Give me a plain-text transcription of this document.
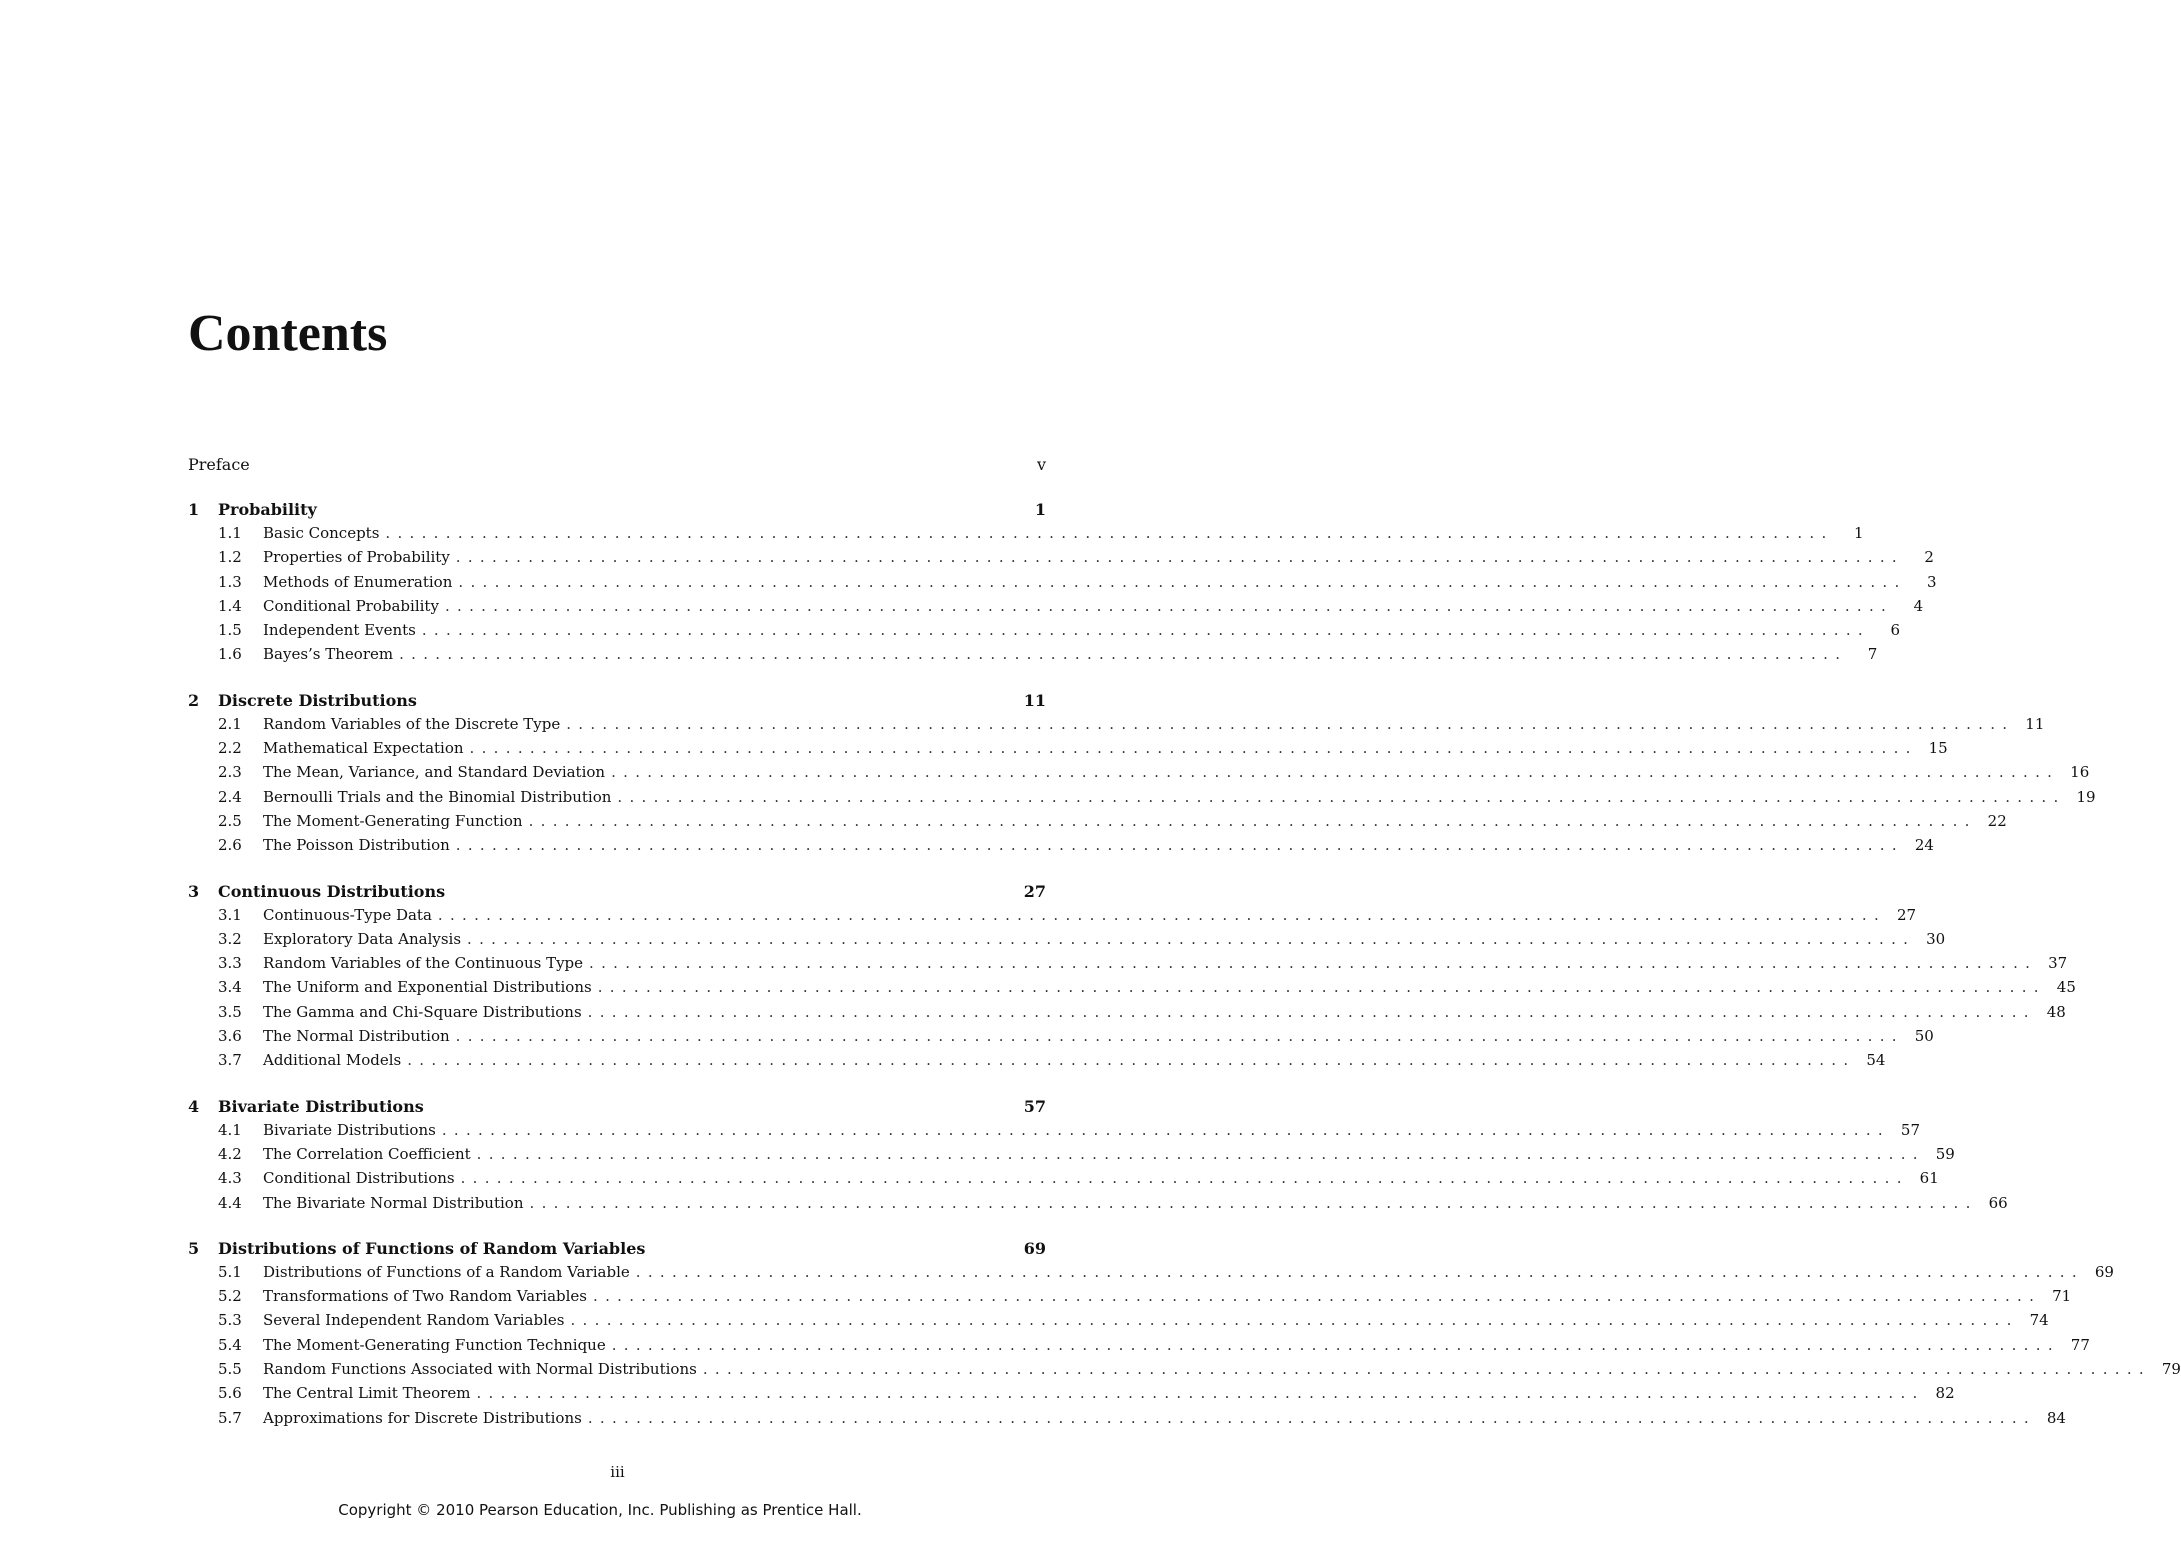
Contents
Preface	v
1	Probability	1
1.1	Basic Concepts ........................................................................................................................	1
1.2	Properties of Probability ........................................................................................................................	2
1.3	Methods of Enumeration ........................................................................................................................	3
1.4	Conditional Probability ........................................................................................................................	4
1.5	Independent Events ........................................................................................................................	6
1.6	Bayes’s Theorem ........................................................................................................................	7
2	Discrete Distributions	11
2.1	Random Variables of the Discrete Type ........................................................................................................................ 11
2.2	Mathematical Expectation ........................................................................................................................ 15
2.3	The Mean, Variance, and Standard Deviation ........................................................................................................................ 16
2.4	Bernoulli Trials and the Binomial Distribution ........................................................................................................................ 19
2.5	The Moment-Generating Function ........................................................................................................................ 22
2.6	The Poisson Distribution ........................................................................................................................ 24
3	Continuous Distributions	27
3.1	Continuous-Type Data ........................................................................................................................ 27
3.2	Exploratory Data Analysis ........................................................................................................................ 30
3.3	Random Variables of the Continuous Type ........................................................................................................................ 37
3.4	The Uniform and Exponential Distributions ........................................................................................................................ 45
3.5	The Gamma and Chi-Square Distributions ........................................................................................................................ 48
3.6	The Normal Distribution ........................................................................................................................ 50
3.7	Additional Models ........................................................................................................................ 54
4	Bivariate Distributions	57
4.1	Bivariate Distributions ........................................................................................................................ 57
4.2	The Correlation Coefficient ........................................................................................................................ 59
4.3	Conditional Distributions ........................................................................................................................ 61
4.4	The Bivariate Normal Distribution ........................................................................................................................ 66
5	Distributions of Functions of Random Variables	69
5.1	Distributions of Functions of a Random Variable ........................................................................................................................ 69
5.2	Transformations of Two Random Variables ........................................................................................................................ 71
5.3	Several Independent Random Variables ........................................................................................................................ 74
5.4	The Moment-Generating Function Technique ........................................................................................................................ 77
5.5	Random Functions Associated with Normal Distributions ........................................................................................................................ 79
5.6	The Central Limit Theorem ........................................................................................................................ 82
5.7	Approximations for Discrete Distributions ........................................................................................................................ 84
iii
Copyright © 2010 Pearson Education, Inc. Publishing as Prentice Hall.
